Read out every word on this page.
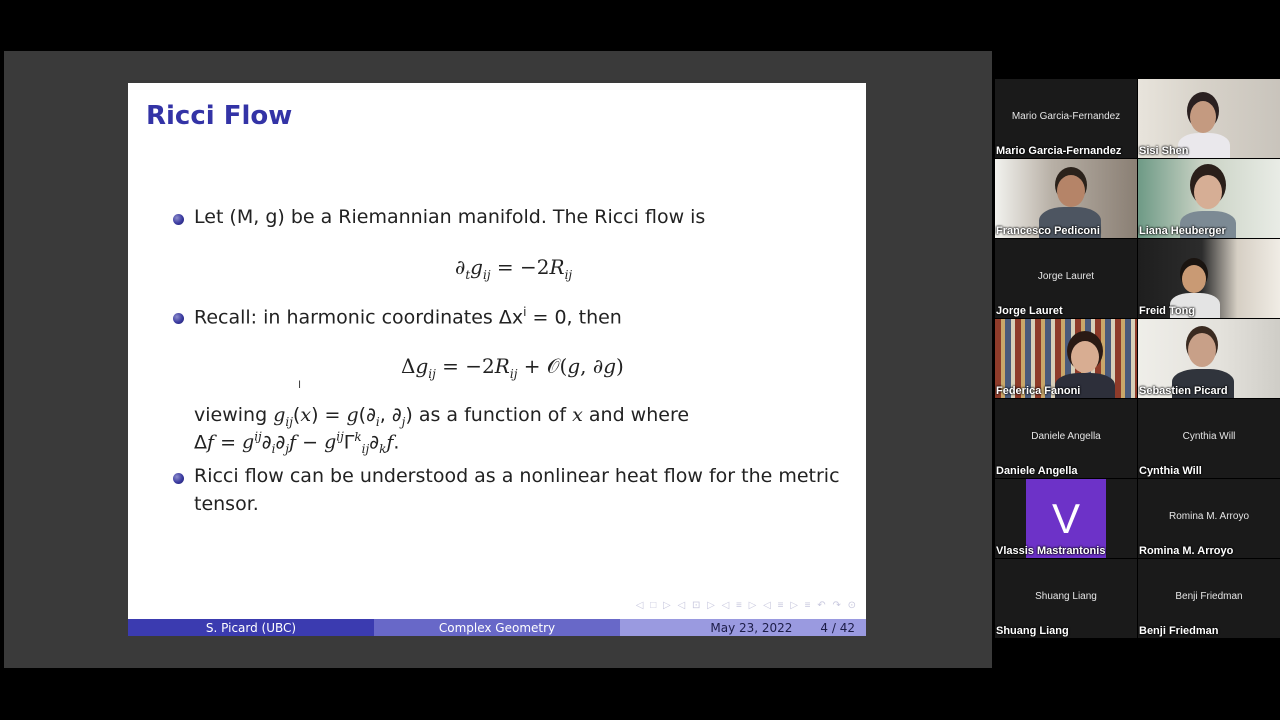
Ricci Flow
Let (M, g) be a Riemannian manifold. The Ricci flow is
$\partial_tg_{ij} = -2R_{ij}$
Recall: in harmonic coordinates $\Delta x^i = 0$, then
$\Delta g_{ij} = -2R_{ij}$ + 𝒪(g, ∂g)
viewing $g_{ij}(x) = g(\partial_i$, $\partial_j$) as a function of x and where
$\Delta f = g^{ij}\partial_i\partial_jf - g^{ij}\Gamma^k_{ij}\partial_kf$.
Ricci flow can be understood as a nonlinear heat flow for the metric
tensor.
I
◁ □ ▷ ◁ ⊡ ▷ ◁ ≡ ▷ ◁ ≡ ▷ ≡ ↶ ↷ ⊙
S. Picard (UBC)	Complex Geometry	May 23, 2022 4 / 42
Mario Garcia-Fernandez
Mario Garcia-Fernandez Sisi Shen
Francesco Pediconi	Liana Heuberger
Jorge Lauret
Jorge Lauret	Freid Tong
Federica Fanoni	Sebastien Picard
Daniele Angella
Daniele Angella
Cynthia Will
Cynthia Will
V
Vlassis Mastrantonis
Romina M. Arroyo
Romina M. Arroyo
Shuang Liang
Shuang Liang
Benji Friedman
Benji Friedman
